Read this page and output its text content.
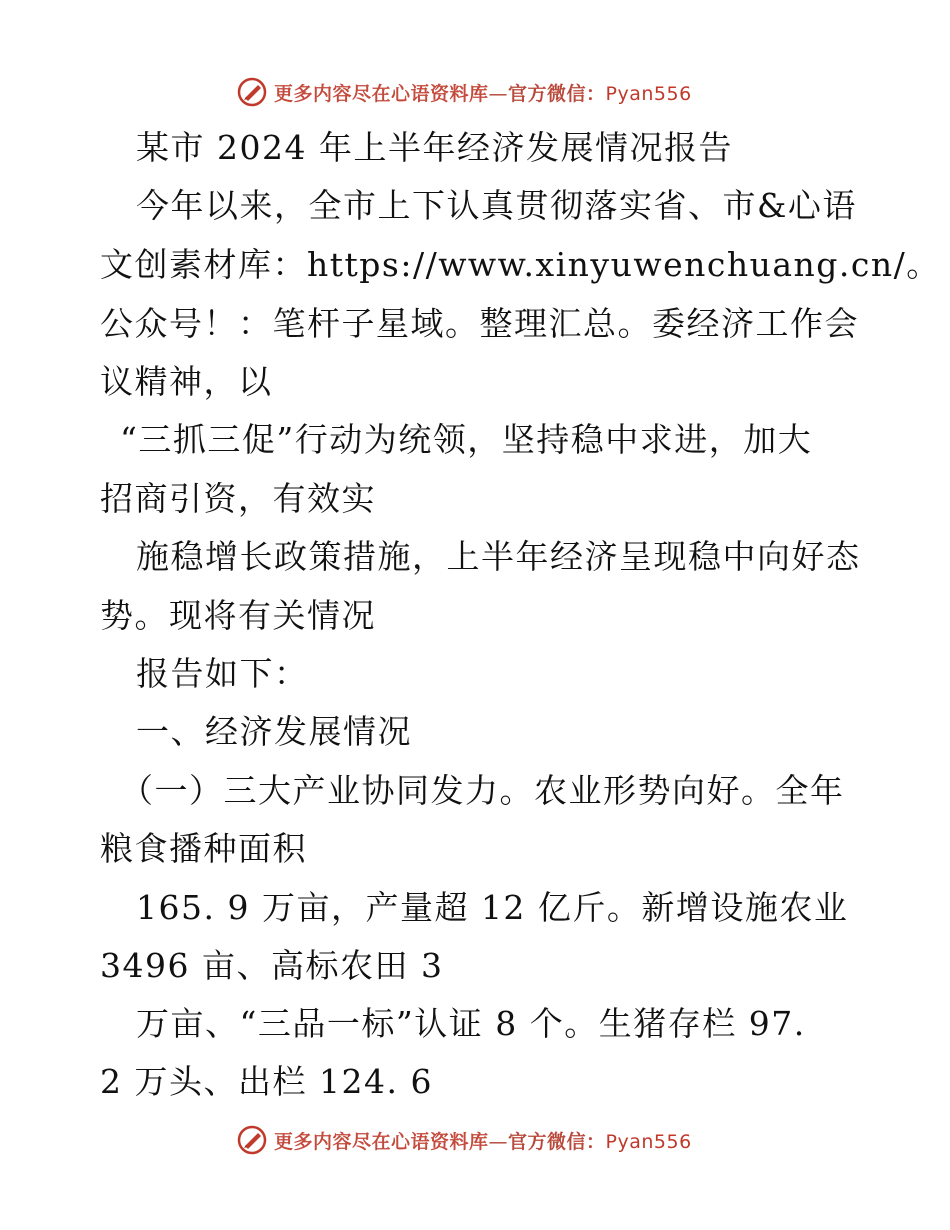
更多内容尽在心语资料库—官方微信：Pyan556
某市 2024 年上半年经济发展情况报告
今年以来，全市上下认真贯彻落实省、市&心语
文创素材库：https://www.xinyuwenchuang.cn/。
公众号！：笔杆子星域。整理汇总。委经济工作会
议精神，以
“三抓三促”行动为统领，坚持稳中求进，加大
招商引资，有效实
施稳增长政策措施，上半年经济呈现稳中向好态
势。现将有关情况
报告如下：
一、经济发展情况
（一）三大产业协同发力。农业形势向好。全年
粮食播种面积
165. 9 万亩，产量超 12 亿斤。新增设施农业
3496 亩、高标农田 3
万亩、“三品一标”认证 8 个。生猪存栏 97.
2 万头、出栏 124. 6
更多内容尽在心语资料库—官方微信：Pyan556
